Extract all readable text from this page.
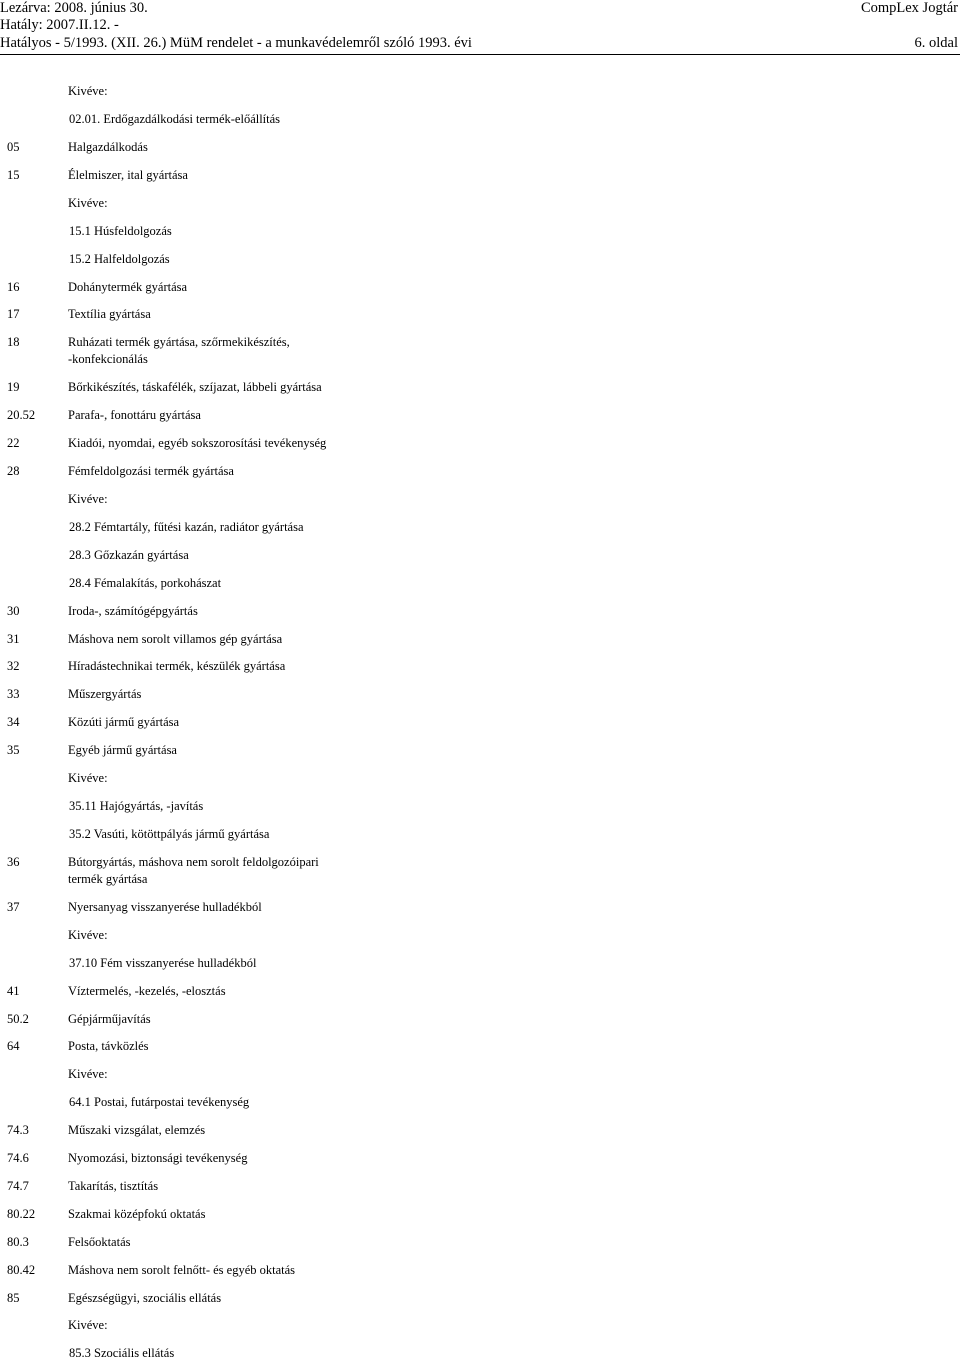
Lezárva: 2008. június 30.
Hatály: 2007.II.12. -
Hatályos - 5/1993. (XII. 26.) MüM rendelet - a munkavédelemről szóló 1993. évi
CompLex Jogtár
6. oldal
Kivéve:
02.01. Erdőgazdálkodási termék-előállítás
05	Halgazdálkodás
15	Élelmiszer, ital gyártása
Kivéve:
15.1 Húsfeldolgozás
15.2 Halfeldolgozás
16	Dohánytermék gyártása
17	Textília gyártása
18	Ruházati termék gyártása, szőrmekikészítés,
-konfekcionálás
19	Bőrkikészítés, táskafélék, szíjazat, lábbeli gyártása
20.52	Parafa-, fonottáru gyártása
22	Kiadói, nyomdai, egyéb sokszorosítási tevékenység
28	Fémfeldolgozási termék gyártása
Kivéve:
28.2 Fémtartály, fűtési kazán, radiátor gyártása
28.3 Gőzkazán gyártása
28.4 Fémalakítás, porkohászat
30	Iroda-, számítógépgyártás
31	Máshova nem sorolt villamos gép gyártása
32	Híradástechnikai termék, készülék gyártása
33	Műszergyártás
34	Közúti jármű gyártása
35	Egyéb jármű gyártása
Kivéve:
35.11 Hajógyártás, -javítás
35.2 Vasúti, kötöttpályás jármű gyártása
36	Bútorgyártás, máshova nem sorolt feldolgozóipari
termék gyártása
37	Nyersanyag visszanyerése hulladékból
Kivéve:
37.10 Fém visszanyerése hulladékból
41	Víztermelés, -kezelés, -elosztás
50.2	Gépjárműjavítás
64	Posta, távközlés
Kivéve:
64.1 Postai, futárpostai tevékenység
74.3	Műszaki vizsgálat, elemzés
74.6	Nyomozási, biztonsági tevékenység
74.7	Takarítás, tisztítás
80.22	Szakmai középfokú oktatás
80.3	Felsőoktatás
80.42	Máshova nem sorolt felnőtt- és egyéb oktatás
85	Egészségügyi, szociális ellátás
Kivéve:
85.3 Szociális ellátás
